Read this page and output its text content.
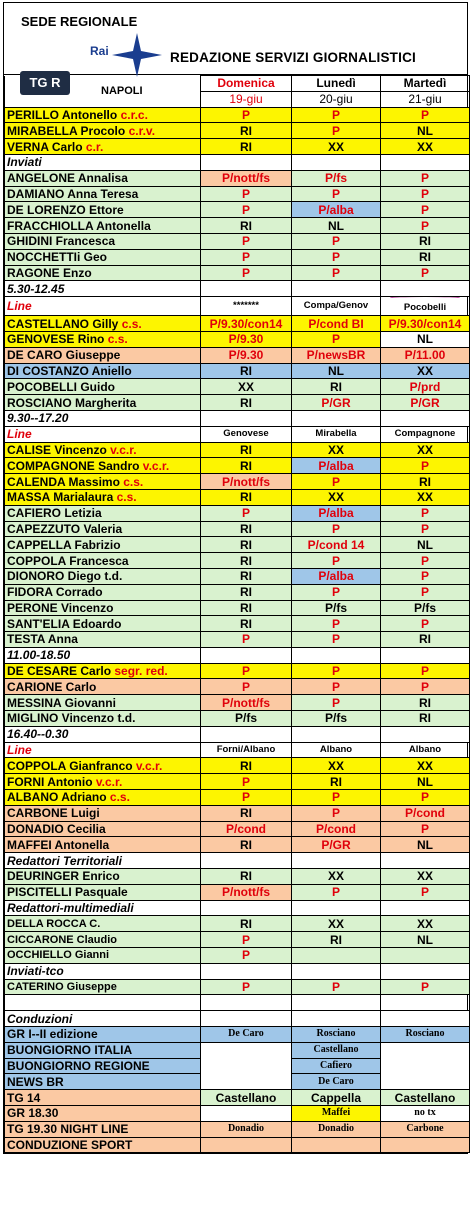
SEDE REGIONALE
Rai	REDAZIONE SERVIZI GIORNALISTICI
TG R
NAPOLI
	Domenica	Lunedì	Martedì
	19-giu	20-giu	21-giu
PERILLO Antonello c.r.c.	P	P	P
MIRABELLA Procolo c.r.v.	RI	P	NL
VERNA Carlo c.r.	RI	XX	XX
Inviati			
ANGELONE Annalisa	P/nott/fs	P/fs	P
DAMIANO Anna Teresa	P	P	P
DE LORENZO Ettore	P	P/alba	P
FRACCHIOLLA Antonella	RI	NL	P
GHIDINI Francesca	P	P	RI
NOCCHETTIi Geo	P	P	RI
RAGONE Enzo	P	P	P
5.30-12.45			
Line	*******	Compa/Genov	Pocobelli
CASTELLANO Gilly c.s.	P/9.30/con14	P/cond BI	P/9.30/con14
GENOVESE Rino c.s.	P/9.30	P	NL
DE CARO Giuseppe	P/9.30	P/newsBR	P/11.00
DI COSTANZO Aniello	RI	NL	XX
POCOBELLI Guido	XX	RI	P/prd
ROSCIANO Margherita	RI	P/GR	P/GR
9.30--17.20			
Line	Genovese	Mirabella	Compagnone
CALISE Vincenzo v.c.r.	RI	XX	XX
COMPAGNONE Sandro v.c.r.	RI	P/alba	P
CALENDA Massimo c.s.	P/nott/fs	P	RI
MASSA Marialaura c.s.	RI	XX	XX
CAFIERO Letizia	P	P/alba	P
CAPEZZUTO Valeria	RI	P	P
CAPPELLA Fabrizio	RI	P/cond 14	NL
COPPOLA Francesca	RI	P	P
DIONORO Diego t.d.	RI	P/alba	P
FIDORA Corrado	RI	P	P
PERONE Vincenzo	RI	P/fs	P/fs
SANT'ELIA Edoardo	RI	P	P
TESTA Anna	P	P	RI
11.00-18.50			
DE CESARE Carlo segr. red.	P	P	P
CARIONE Carlo	P	P	P
MESSINA Giovanni	P/nott/fs	P	RI
MIGLINO Vincenzo t.d.	P/fs	P/fs	RI
16.40--0.30			
Line	Forni/Albano	Albano	Albano
COPPOLA Gianfranco v.c.r.	RI	XX	XX
FORNI Antonio v.c.r.	P	RI	NL
ALBANO Adriano c.s.	P	P	P
CARBONE Luigi	RI	P	P/cond
DONADIO Cecilia	P/cond	P/cond	P
MAFFEI Antonella	RI	P/GR	NL
Redattori Territoriali			
DEURINGER Enrico	RI	XX	XX
PISCITELLI Pasquale	P/nott/fs	P	P
Redattori-multimediali			
DELLA ROCCA C.	RI	XX	XX
CICCARONE Claudio	P	RI	NL
OCCHIELLO Gianni	P		
Inviati-tco			
CATERINO Giuseppe	P	P	P

Conduzioni			
GR I--II edizione	De Caro	Rosciano	Rosciano
BUONGIORNO ITALIA		Castellano	
BUONGIORNO REGIONE		Cafiero	
NEWS BR		De Caro	
TG 14	Castellano	Cappella	Castellano
GR 18.30		Maffei	no tx
TG 19.30 NIGHT LINE	Donadio	Donadio	Carbone
CONDUZIONE SPORT			
